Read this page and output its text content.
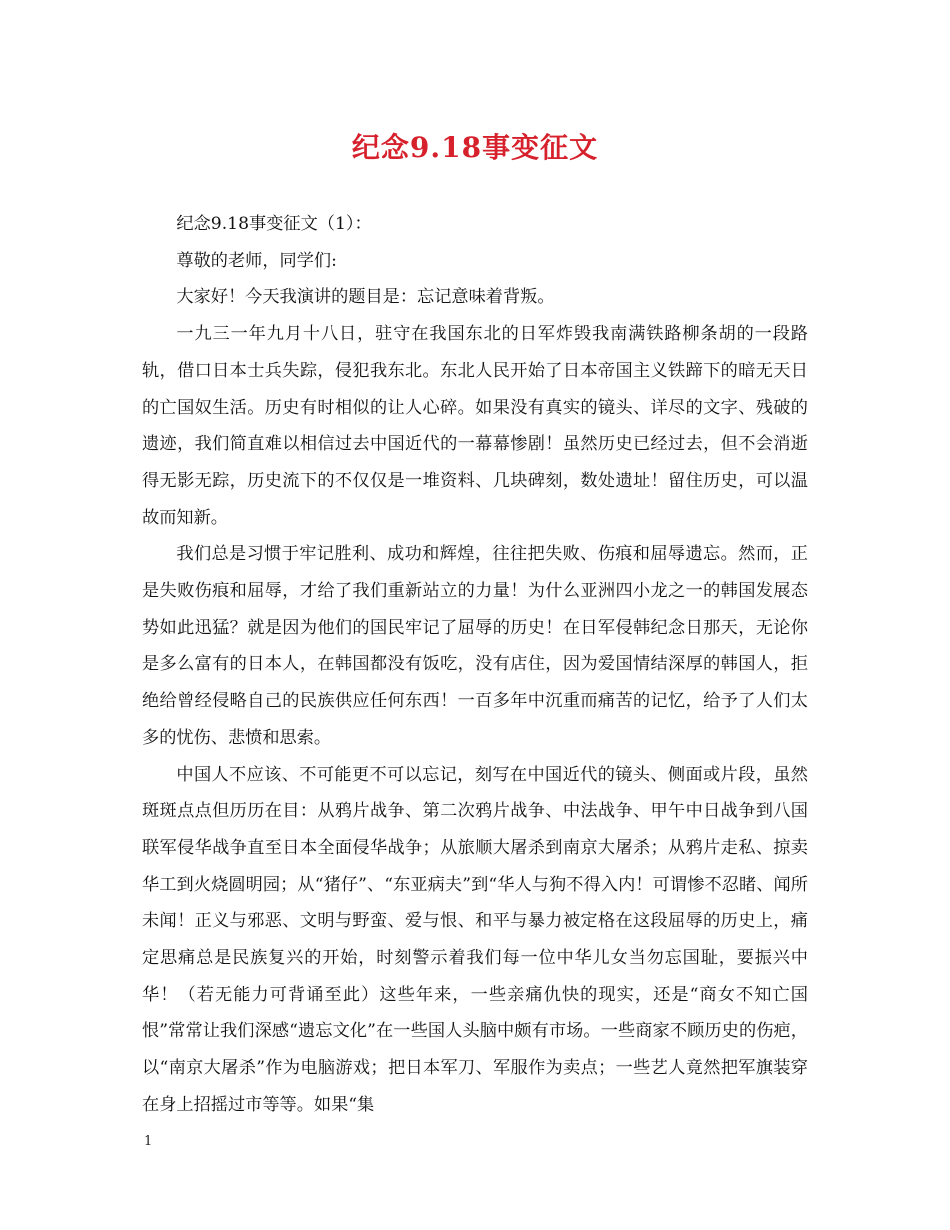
纪念9.18事变征文

纪念9.18事变征文（1）：

尊敬的老师，同学们:

大家好！今天我演讲的题目是：忘记意味着背叛。

一九三一年九月十八日，驻守在我国东北的日军炸毁我南满铁路柳条胡的一段路轨，借口日本士兵失踪，侵犯我东北。东北人民开始了日本帝国主义铁蹄下的暗无天日的亡国奴生活。历史有时相似的让人心碎。如果没有真实的镜头、详尽的文字、残破的遗迹，我们简直难以相信过去中国近代的一幕幕惨剧！虽然历史已经过去，但不会消逝得无影无踪，历史流下的不仅仅是一堆资料、几块碑刻，数处遗址！留住历史，可以温故而知新。

我们总是习惯于牢记胜利、成功和辉煌，往往把失败、伤痕和屈辱遗忘。然而，正是失败伤痕和屈辱，才给了我们重新站立的力量！为什么亚洲四小龙之一的韩国发展态势如此迅猛？就是因为他们的国民牢记了屈辱的历史！在日军侵韩纪念日那天，无论你是多么富有的日本人，在韩国都没有饭吃，没有店住，因为爱国情结深厚的韩国人，拒绝给曾经侵略自己的民族供应任何东西！一百多年中沉重而痛苦的记忆，给予了人们太多的忧伤、悲愤和思索。

中国人不应该、不可能更不可以忘记，刻写在中国近代的镜头、侧面或片段，虽然斑斑点点但历历在目：从鸦片战争、第二次鸦片战争、中法战争、甲午中日战争到八国联军侵华战争直至日本全面侵华战争；从旅顺大屠杀到南京大屠杀；从鸦片走私、掠卖华工到火烧圆明园；从“猪仔”、“东亚病夫”到“华人与狗不得入内！可谓惨不忍睹、闻所未闻！正义与邪恶、文明与野蛮、爱与恨、和平与暴力被定格在这段屈辱的历史上，痛定思痛总是民族复兴的开始，时刻警示着我们每一位中华儿女当勿忘国耻，要振兴中华！（若无能力可背诵至此）这些年来，一些亲痛仇快的现实，还是“商女不知亡国恨”常常让我们深感“遗忘文化”在一些国人头脑中颇有市场。一些商家不顾历史的伤疤，以“南京大屠杀”作为电脑游戏；把日本军刀、军服作为卖点；一些艺人竟然把军旗装穿在身上招摇过市等等。如果“集

1
